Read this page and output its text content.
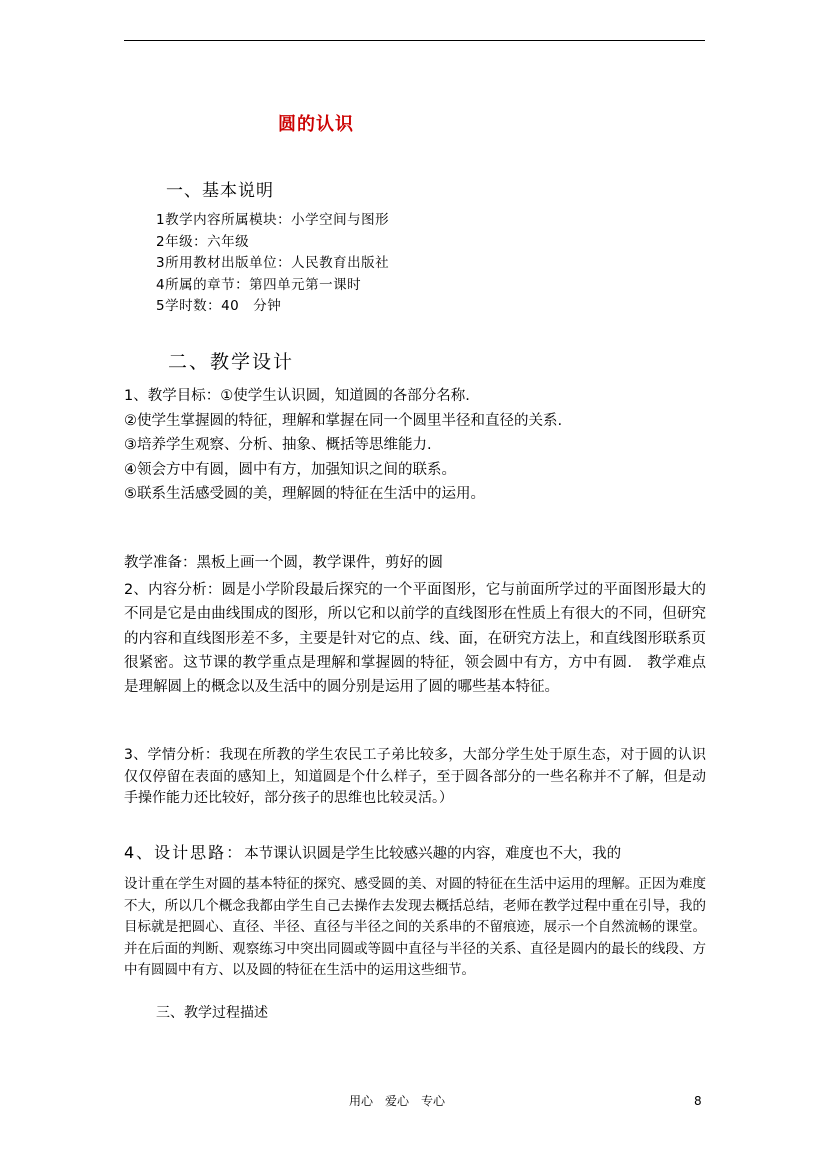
圆的认识
一、基本说明
1教学内容所属模块：小学空间与图形
2年级：六年级
3所用教材出版单位：人民教育出版社
4所属的章节：第四单元第一课时
5学时数：40　分钟
二、教学设计
1、教学目标：①使学生认识圆，知道圆的各部分名称.
②使学生掌握圆的特征，理解和掌握在同一个圆里半径和直径的关系.
③培养学生观察、分析、抽象、概括等思维能力.
④领会方中有圆，圆中有方，加强知识之间的联系。
⑤联系生活感受圆的美，理解圆的特征在生活中的运用。
教学准备：黑板上画一个圆，教学课件，剪好的圆
2、内容分析：圆是小学阶段最后探究的一个平面图形，它与前面所学过的平面图形最大的不同是它是由曲线围成的图形，所以它和以前学的直线图形在性质上有很大的不同，但研究的内容和直线图形差不多，主要是针对它的点、线、面，在研究方法上，和直线图形联系页很紧密。这节课的教学重点是理解和掌握圆的特征，领会圆中有方，方中有圆.　教学难点是理解圆上的概念以及生活中的圆分别是运用了圆的哪些基本特征。
3、学情分析：我现在所教的学生农民工子弟比较多，大部分学生处于原生态，对于圆的认识仅仅停留在表面的感知上，知道圆是个什么样子，至于圆各部分的一些名称并不了解，但是动手操作能力还比较好，部分孩子的思维也比较灵活。）
4、设计思路：本节课认识圆是学生比较感兴趣的内容，难度也不大，我的
设计重在学生对圆的基本特征的探究、感受圆的美、对圆的特征在生活中运用的理解。正因为难度不大，所以几个概念我都由学生自己去操作去发现去概括总结，老师在教学过程中重在引导，我的目标就是把圆心、直径、半径、直径与半径之间的关系串的不留痕迹，展示一个自然流畅的课堂。并在后面的判断、观察练习中突出同圆或等圆中直径与半径的关系、直径是圆内的最长的线段、方中有圆圆中有方、以及圆的特征在生活中的运用这些细节。
三、教学过程描述
用心　爱心　专心	8
